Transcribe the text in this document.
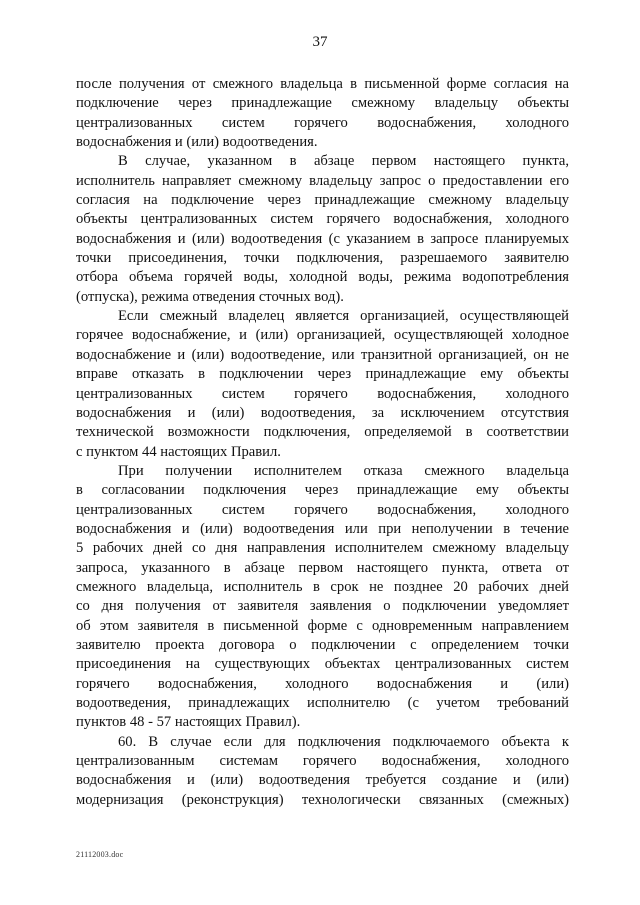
37
после получения от смежного владельца в письменной форме согласия на
подключение через принадлежащие смежному владельцу объекты
централизованных систем горячего водоснабжения, холодного
водоснабжения и (или) водоотведения.
В случае, указанном в абзаце первом настоящего пункта,
исполнитель направляет смежному владельцу запрос о предоставлении его
согласия на подключение через принадлежащие смежному владельцу
объекты централизованных систем горячего водоснабжения, холодного
водоснабжения и (или) водоотведения (с указанием в запросе планируемых
точки присоединения, точки подключения, разрешаемого заявителю
отбора объема горячей воды, холодной воды, режима водопотребления
(отпуска), режима отведения сточных вод).
Если смежный владелец является организацией, осуществляющей
горячее водоснабжение, и (или) организацией, осуществляющей холодное
водоснабжение и (или) водоотведение, или транзитной организацией, он не
вправе отказать в подключении через принадлежащие ему объекты
централизованных систем горячего водоснабжения, холодного
водоснабжения и (или) водоотведения, за исключением отсутствия
технической возможности подключения, определяемой в соответствии
с пунктом 44 настоящих Правил.
При получении исполнителем отказа смежного владельца
в согласовании подключения через принадлежащие ему объекты
централизованных систем горячего водоснабжения, холодного
водоснабжения и (или) водоотведения или при неполучении в течение
5 рабочих дней со дня направления исполнителем смежному владельцу
запроса, указанного в абзаце первом настоящего пункта, ответа от
смежного владельца, исполнитель в срок не позднее 20 рабочих дней
со дня получения от заявителя заявления о подключении уведомляет
об этом заявителя в письменной форме с одновременным направлением
заявителю проекта договора о подключении с определением точки
присоединения на существующих объектах централизованных систем
горячего водоснабжения, холодного водоснабжения и (или)
водоотведения, принадлежащих исполнителю (с учетом требований
пунктов 48 - 57 настоящих Правил).
60. В случае если для подключения подключаемого объекта к
централизованным системам горячего водоснабжения, холодного
водоснабжения и (или) водоотведения требуется создание и (или)
модернизация (реконструкция) технологически связанных (смежных)
21112003.doc
